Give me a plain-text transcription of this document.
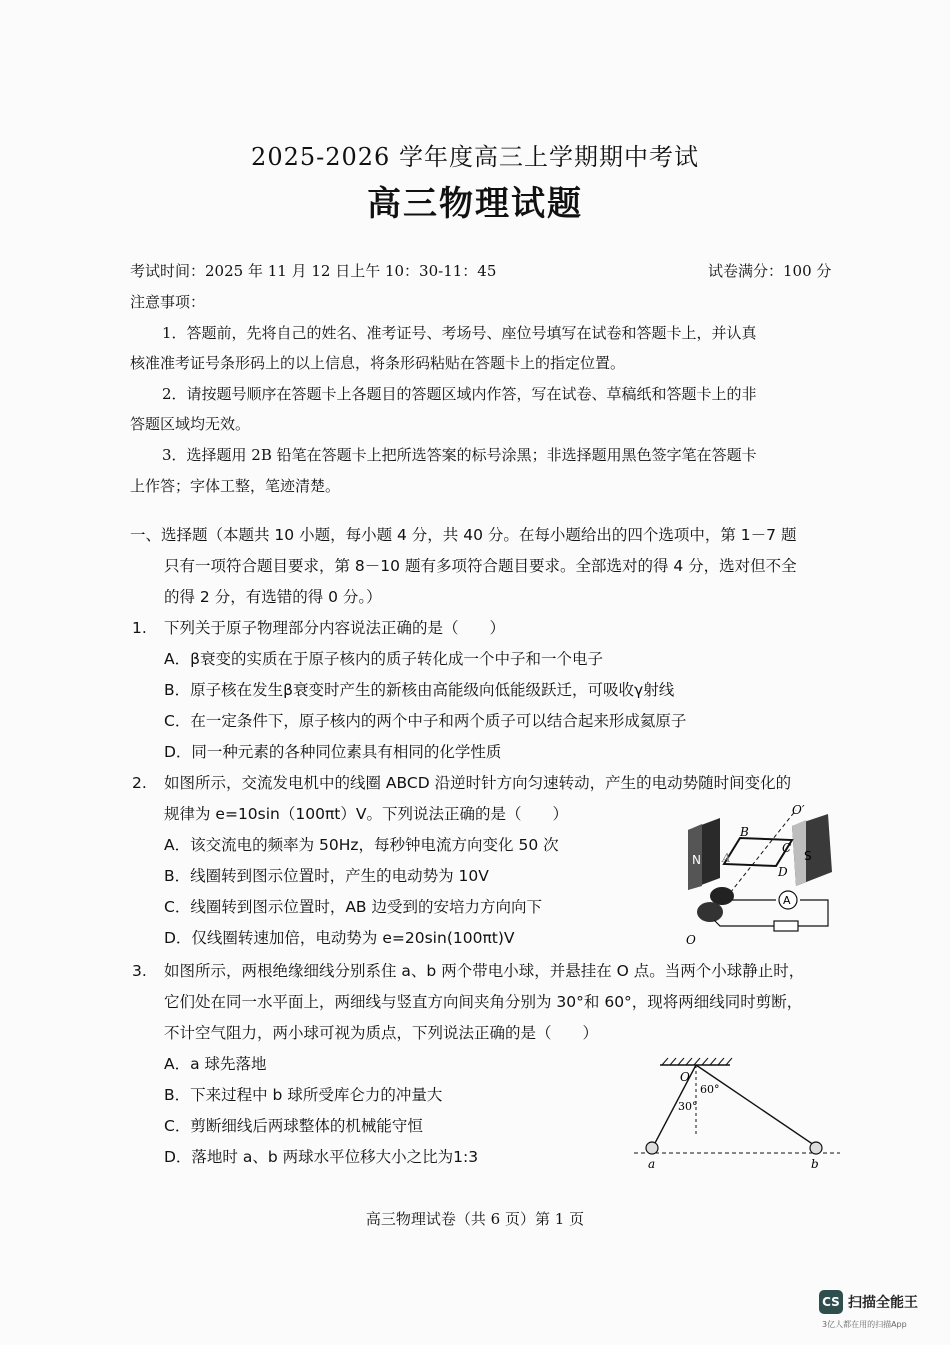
2025-2026 学年度高三上学期期中考试
高三物理试题
考试时间：2025 年 11 月 12 日上午 10：30-11：45	试卷满分：100 分
注意事项：
1．答题前，先将自己的姓名、准考证号、考场号、座位号填写在试卷和答题卡上，并认真
核准准考证号条形码上的以上信息，将条形码粘贴在答题卡上的指定位置。
2．请按题号顺序在答题卡上各题目的答题区域内作答，写在试卷、草稿纸和答题卡上的非
答题区域均无效。
3．选择题用 2B 铅笔在答题卡上把所选答案的标号涂黑；非选择题用黑色签字笔在答题卡
上作答；字体工整，笔迹清楚。
一、选择题（本题共 10 小题，每小题 4 分，共 40 分。在每小题给出的四个选项中，第 1－7 题
只有一项符合题目要求，第 8－10 题有多项符合题目要求。全部选对的得 4 分，选对但不全
的得 2 分，有选错的得 0 分。）
1. 下列关于原子物理部分内容说法正确的是（　　）
A．β衰变的实质在于原子核内的质子转化成一个中子和一个电子
B．原子核在发生β衰变时产生的新核由高能级向低能级跃迁，可吸收γ射线
C．在一定条件下，原子核内的两个中子和两个质子可以结合起来形成氦原子
D．同一种元素的各种同位素具有相同的化学性质
2. 如图所示，交流发电机中的线圈 ABCD 沿逆时针方向匀速转动，产生的电动势随时间变化的
规律为 e=10sin（100πt）V。下列说法正确的是（　　）
A．该交流电的频率为 50Hz，每秒钟电流方向变化 50 次
B．线圈转到图示位置时，产生的电动势为 10V
C．线圈转到图示位置时，AB 边受到的安培力方向向下
D．仅线圈转速加倍，电动势为 e=20sin(100πt)V
A
O′
B
A
C
D
N	S
O
3. 如图所示，两根绝缘细线分别系住 a、b 两个带电小球，并悬挂在 O 点。当两个小球静止时，
它们处在同一水平面上，两细线与竖直方向间夹角分别为 30°和 60°，现将两细线同时剪断，
不计空气阻力，两小球可视为质点，下列说法正确的是（　　）
A．a 球先落地
B．下来过程中 b 球所受库仑力的冲量大
C．剪断细线后两球整体的机械能守恒
D．落地时 a、b 两球水平位移大小之比为1:3
O
60°
30°
a	b
高三物理试卷（共 6 页）第 1 页
CS 扫描全能王
3亿人都在用的扫描App
